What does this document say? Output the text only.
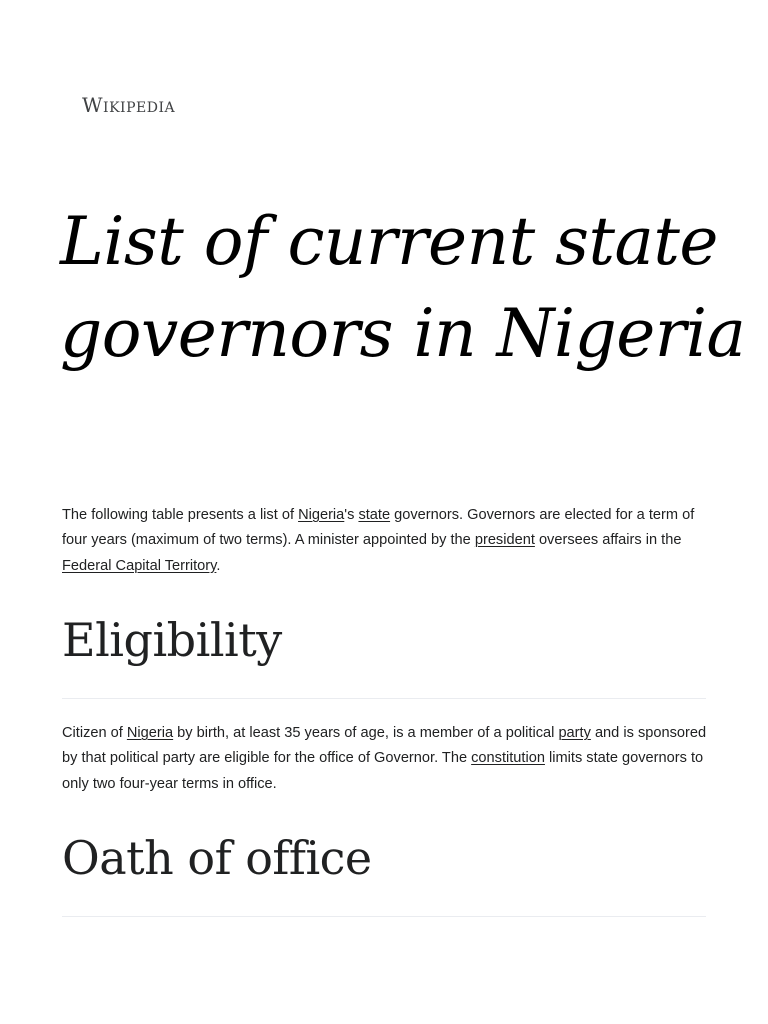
Wikipedia
List of current state governors in Nigeria

The following table presents a list of Nigeria's state governors. Governors are elected for a term of four years (maximum of two terms). A minister appointed by the president oversees affairs in the Federal Capital Territory.

Eligibility

Citizen of Nigeria by birth, at least 35 years of age, is a member of a political party and is sponsored by that political party are eligible for the office of Governor. The constitution limits state governors to only two four-year terms in office.

Oath of office
